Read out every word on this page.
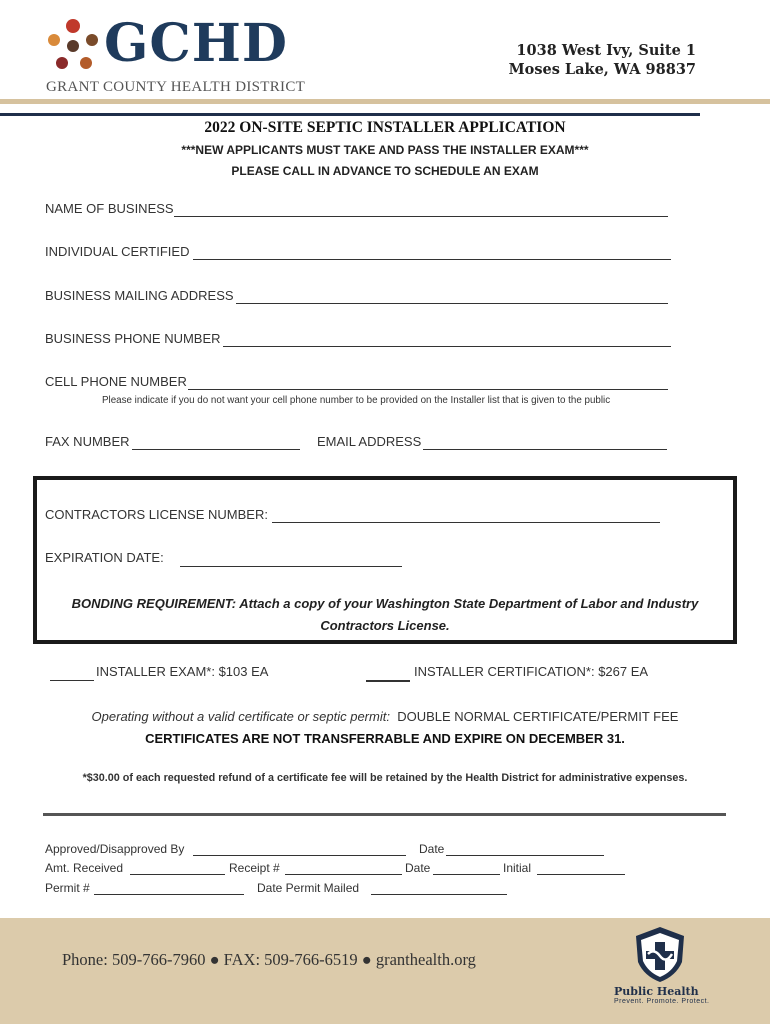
GCHD
GRANT COUNTY HEALTH DISTRICT
1038 West Ivy, Suite 1
Moses Lake, WA 98837
2022 ON-SITE SEPTIC INSTALLER APPLICATION
***NEW APPLICANTS MUST TAKE AND PASS THE INSTALLER EXAM***
PLEASE CALL IN ADVANCE TO SCHEDULE AN EXAM
NAME OF BUSINESS
INDIVIDUAL CERTIFIED
BUSINESS MAILING ADDRESS
BUSINESS PHONE NUMBER
CELL PHONE NUMBER
Please indicate if you do not want your cell phone number to be provided on the Installer list that is given to the public
FAX NUMBER	EMAIL ADDRESS
CONTRACTORS LICENSE NUMBER:
EXPIRATION DATE:
BONDING REQUIREMENT: Attach a copy of your Washington State Department of Labor and Industry Contractors License.
INSTALLER EXAM*: $103 EA	INSTALLER CERTIFICATION*: $267 EA
Operating without a valid certificate or septic permit: DOUBLE NORMAL CERTIFICATE/PERMIT FEE
CERTIFICATES ARE NOT TRANSFERRABLE AND EXPIRE ON DECEMBER 31.
*$30.00 of each requested refund of a certificate fee will be retained by the Health District for administrative expenses.
Approved/Disapproved By	Date
Amt. Received	Receipt #	Date	Initial
Permit #	Date Permit Mailed
Phone: 509-766-7960 ● FAX: 509-766-6519 ● granthealth.org
Public Health
Prevent. Promote. Protect.
